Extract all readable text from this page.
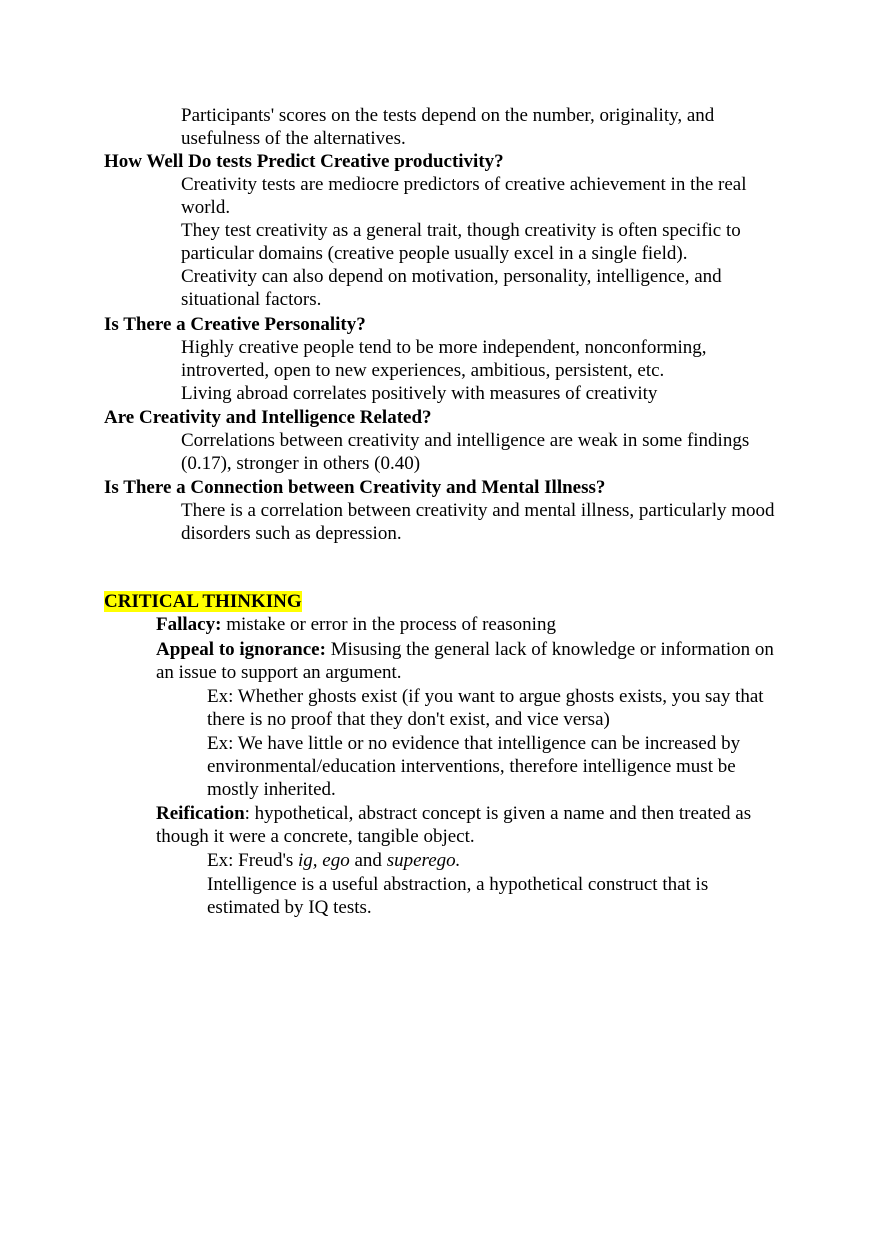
Participants' scores on the tests depend on the number, originality, and usefulness of the alternatives.
How Well Do tests Predict Creative productivity?
Creativity tests are mediocre predictors of creative achievement in the real world.
They test creativity as a general trait, though creativity is often specific to particular domains (creative people usually excel in a single field).
Creativity can also depend on motivation, personality, intelligence, and situational factors.
Is There a Creative Personality?
Highly creative people tend to be more independent, nonconforming, introverted, open to new experiences, ambitious, persistent, etc.
Living abroad correlates positively with measures of creativity
Are Creativity and Intelligence Related?
Correlations between creativity and intelligence are weak in some findings (0.17), stronger in others (0.40)
Is There a Connection between Creativity and Mental Illness?
There is a correlation between creativity and mental illness, particularly mood disorders such as depression.
CRITICAL THINKING
Fallacy: mistake or error in the process of reasoning
Appeal to ignorance: Misusing the general lack of knowledge or information on an issue to support an argument.
Ex: Whether ghosts exist (if you want to argue ghosts exists, you say that there is no proof that they don't exist, and vice versa)
Ex: We have little or no evidence that intelligence can be increased by environmental/education interventions, therefore intelligence must be mostly inherited.
Reification: hypothetical, abstract concept is given a name and then treated as though it were a concrete, tangible object.
Ex: Freud's ig, ego and superego.
Intelligence is a useful abstraction, a hypothetical construct that is estimated by IQ tests.
